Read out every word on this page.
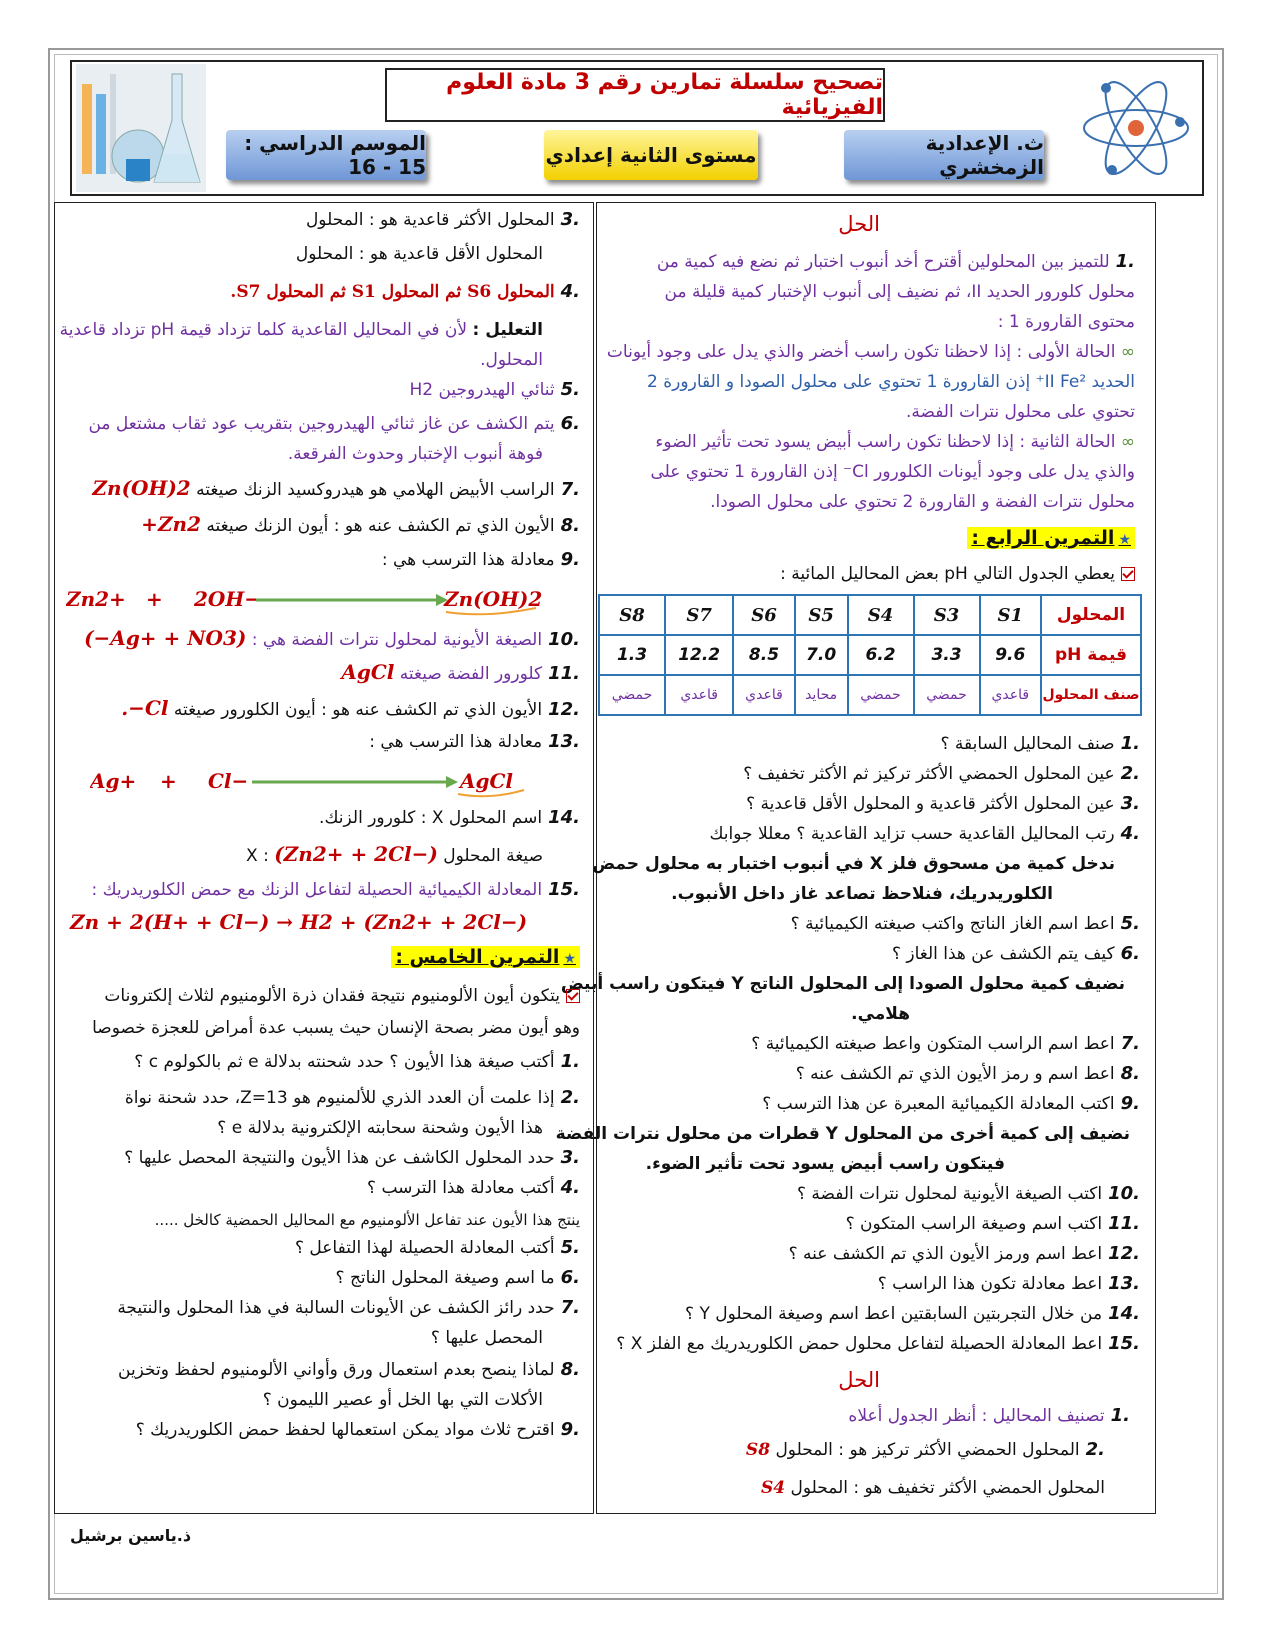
تصحيح سلسلة تمارين رقم 3 مادة العلوم الفيزيائية
ث. الإعدادية الزمخشري
مستوى الثانية إعدادي
الموسم الدراسي : 15 - 16
الحل
.1للتميز بين المحلولين أقترح أخد أنبوب اختبار ثم نضع فيه كمية من
محلول كلورور الحديد II، ثم نضيف إلى أنبوب الإختبار كمية قليلة من
محتوى القارورة 1 :
∞ الحالة الأولى : إذا لاحظنا تكون راسب أخضر والذي يدل على وجود أيونات
الحديد II Fe²⁺ إذن القارورة 1 تحتوي على محلول الصودا و القارورة 2
تحتوي على محلول نترات الفضة.
∞ الحالة الثانية : إذا لاحظنا تكون راسب أبيض يسود تحت تأثير الضوء
والذي يدل على وجود أيونات الكلورور Cl⁻ إذن القارورة 1 تحتوي على
محلول نترات الفضة و القارورة 2 تحتوي على محلول الصودا.
★التمرين الرابع :
يعطي الجدول التالي pH بعض المحاليل المائية :
المحلول	S1	S3	S4	S5	S6	S7	S8
قيمة pH	9.6	3.3	6.2	7.0	8.5	12.2	1.3
صنف المحلول	قاعدي	حمضي	حمضي	محايد	قاعدي	قاعدي	حمضي
.1صنف المحاليل السابقة ؟
.2عين المحلول الحمضي الأكثر تركيز ثم الأكثر تخفيف ؟
.3عين المحلول الأكثر قاعدية و المحلول الأقل قاعدية ؟
.4رتب المحاليل القاعدية حسب تزايد القاعدية ؟ معللا جوابك
ندخل كمية من مسحوق فلز X في أنبوب اختبار به محلول حمض
الكلوريدريك، فنلاحظ تصاعد غاز داخل الأنبوب.
.5اعط اسم الغاز الناتج واكتب صيغته الكيميائية ؟
.6كيف يتم الكشف عن هذا الغاز ؟
نضيف كمية محلول الصودا إلى المحلول الناتج Y فيتكون راسب أبيض
هلامي.
.7اعط اسم الراسب المتكون واعط صيغته الكيميائية ؟
.8اعط اسم و رمز الأيون الذي تم الكشف عنه ؟
.9اكتب المعادلة الكيميائية المعبرة عن هذا الترسب ؟
نضيف إلى كمية أخرى من المحلول Y قطرات من محلول نترات الفضة
فيتكون راسب أبيض يسود تحت تأثير الضوء.
.10اكتب الصيغة الأيونية لمحلول نترات الفضة ؟
.11اكتب اسم وصيغة الراسب المتكون ؟
.12اعط اسم ورمز الأيون الذي تم الكشف عنه ؟
.13اعط معادلة تكون هذا الراسب ؟
.14من خلال التجربتين السابقتين اعط اسم وصيغة المحلول Y ؟
.15اعط المعادلة الحصيلة لتفاعل محلول حمض الكلوريدريك مع الفلز X ؟
الحل
.1تصنيف المحاليل : أنظر الجدول أعلاه
.2المحلول الحمضي الأكثر تركيز هو : المحلول S8
المحلول الحمضي الأكثر تخفيف هو : المحلول S4
.3المحلول الأكثر قاعدية هو : المحلول
المحلول الأقل قاعدية هو : المحلول
.4المحلول S6 ثم المحلول S1 ثم المحلول S7.
التعليل : لأن في المحاليل القاعدية كلما تزداد قيمة pH تزداد قاعدية
المحلول.
.5ثنائي الهيدروجين H2
.6يتم الكشف عن غاز ثنائي الهيدروجين بتقريب عود ثقاب مشتعل من
فوهة أنبوب الإختبار وحدوث الفرقعة.
.7الراسب الأبيض الهلامي هو هيدروكسيد الزنك صيغته Zn(OH)2
.8الأيون الذي تم الكشف عنه هو : أيون الزنك صيغته Zn2+
.9معادلة هذا الترسب هي :
Zn2+ + 2OH−	Zn(OH)2
.10الصيغة الأيونية لمحلول نترات الفضة هي : (Ag+ + NO3−)
.11كلورور الفضة صيغته AgCl
.12الأيون الذي تم الكشف عنه هو : أيون الكلورور صيغته Cl−.
.13معادلة هذا الترسب هي :
Ag+ + Cl−	AgCl
.14اسم المحلول X : كلورور الزنك.
صيغة المحلول X : (Zn2+ + 2Cl−)
.15المعادلة الكيميائية الحصيلة لتفاعل الزنك مع حمض الكلوريدريك :
Zn + 2(H+ + Cl−) → H2 + (Zn2+ + 2Cl−)
★التمرين الخامس :
يتكون أيون الألومنيوم نتيجة فقدان ذرة الألومنيوم لثلاث إلكترونات
وهو أيون مضر بصحة الإنسان حيث يسبب عدة أمراض للعجزة خصوصا
.1أكتب صيغة هذا الأيون ؟ حدد شحنته بدلالة e ثم بالكولوم c ؟
.2إذا علمت أن العدد الذري للألمنيوم هو Z=13، حدد شحنة نواة
هذا الأيون وشحنة سحابته الإلكترونية بدلالة e ؟
.3حدد المحلول الكاشف عن هذا الأيون والنتيجة المحصل عليها ؟
.4أكتب معادلة هذا الترسب ؟
ينتج هذا الأيون عند تفاعل الألومنيوم مع المحاليل الحمضية كالخل .....
.5أكتب المعادلة الحصيلة لهذا التفاعل ؟
.6ما اسم وصيغة المحلول الناتج ؟
.7حدد رائز الكشف عن الأيونات السالبة في هذا المحلول والنتيجة
المحصل عليها ؟
.8لماذا ينصح بعدم استعمال ورق وأواني الألومنيوم لحفظ وتخزين
الأكلات التي بها الخل أو عصير الليمون ؟
.9اقترح ثلاث مواد يمكن استعمالها لحفظ حمض الكلوريدريك ؟
ذ.ياسين برشيل
